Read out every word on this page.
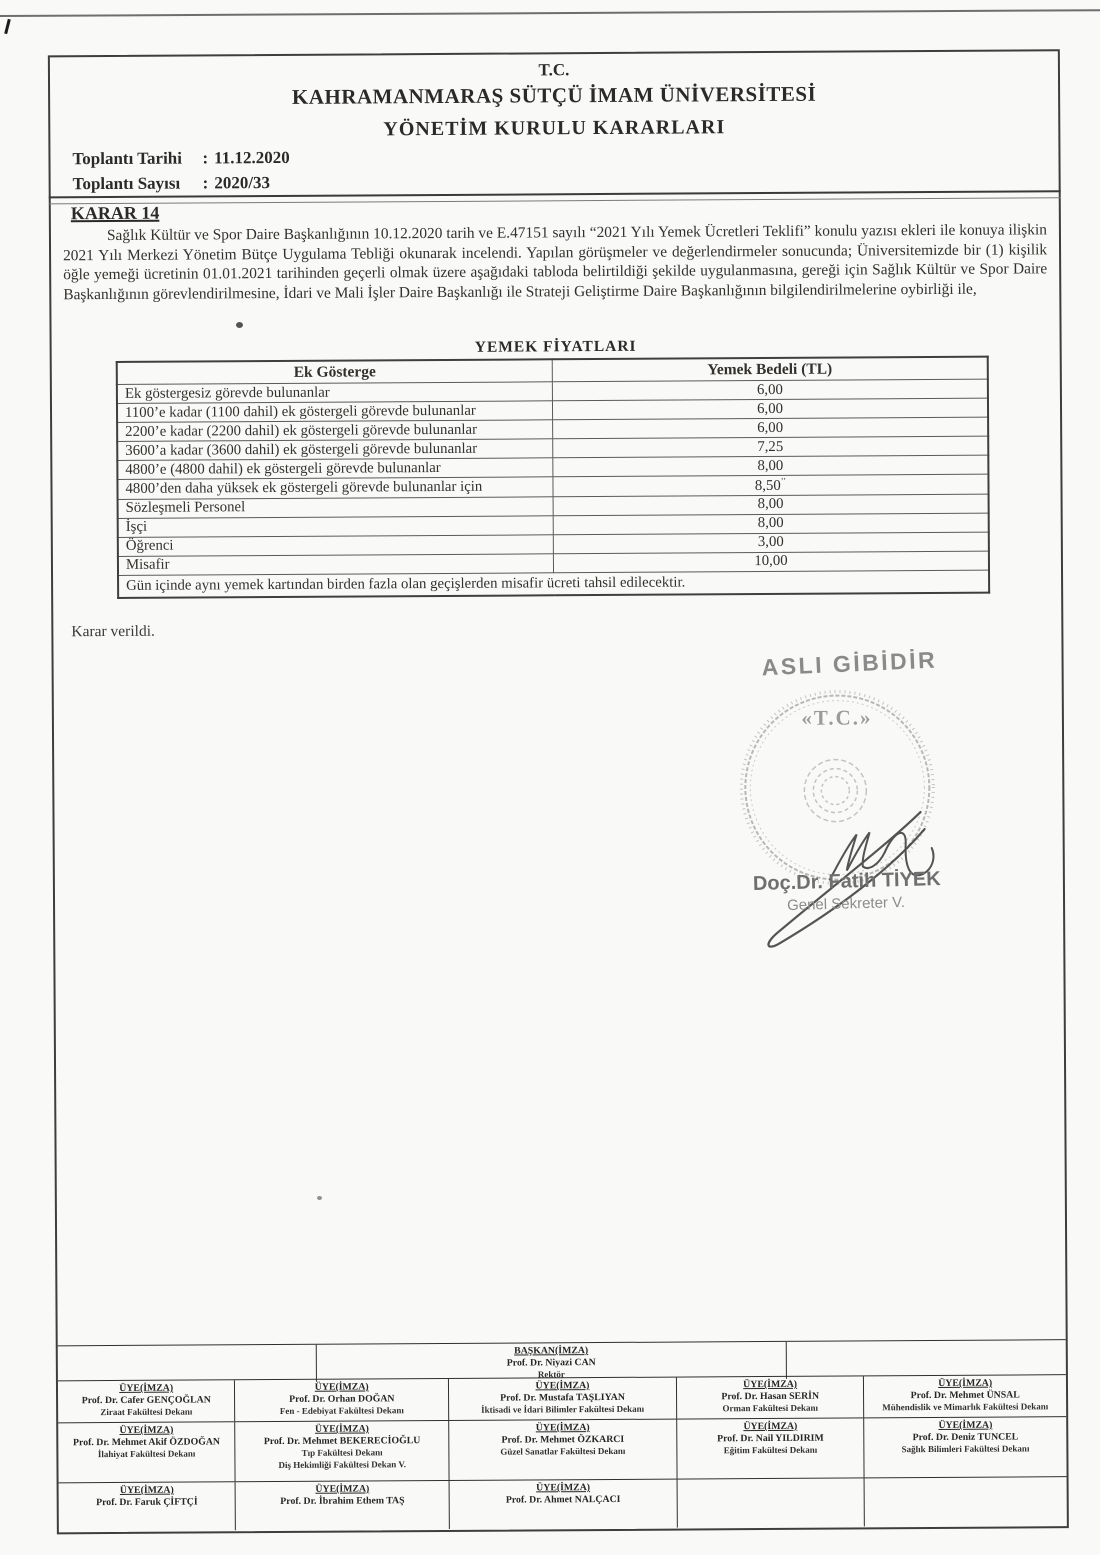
T.C.
KAHRAMANMARAŞ SÜTÇÜ İMAM ÜNİVERSİTESİ
YÖNETİM KURULU KARARLARI
Toplantı Tarihi : 11.12.2020
Toplantı Sayısı : 2020/33
KARAR 14

Sağlık Kültür ve Spor Daire Başkanlığının 10.12.2020 tarih ve E.47151 sayılı “2021 Yılı Yemek Ücretleri Teklifi” konulu yazısı ekleri ile konuya ilişkin 2021 Yılı Merkezi Yönetim Bütçe Uygulama Tebliği okunarak incelendi. Yapılan görüşmeler ve değerlendirmeler sonucunda; Üniversitemizde bir (1) kişilik öğle yemeği ücretinin 01.01.2021 tarihinden geçerli olmak üzere aşağıdaki tabloda belirtildiği şekilde uygulanmasına, gereği için Sağlık Kültür ve Spor Daire Başkanlığının görevlendirilmesine, İdari ve Mali İşler Daire Başkanlığı ile Strateji Geliştirme Daire Başkanlığının bilgilendirilmelerine oybirliği ile,

YEMEK FİYATLARI
Ek Gösterge	Yemek Bedeli (TL)
Ek göstergesiz görevde bulunanlar	6,00
1100’e kadar (1100 dahil) ek göstergeli görevde bulunanlar	6,00
2200’e kadar (2200 dahil) ek göstergeli görevde bulunanlar	6,00
3600’a kadar (3600 dahil) ek göstergeli görevde bulunanlar	7,25
4800’e (4800 dahil) ek göstergeli görevde bulunanlar	8,00
4800’den daha yüksek ek göstergeli görevde bulunanlar için	8,50’’
Sözleşmeli Personel	8,00
İşçi	8,00
Öğrenci	3,00
Misafir	10,00
Gün içinde aynı yemek kartından birden fazla olan geçişlerden misafir ücreti tahsil edilecektir.	
Karar verildi.
ASLI GİBİDİR
«T.C.»
Doç.Dr. Fatih TİYEK
Genel Sekreter V.
BAŞKAN(İMZA)
Prof. Dr. Niyazi CAN
Rektör
ÜYE(İMZA)
Prof. Dr. Cafer GENÇOĞLAN
Ziraat Fakültesi Dekanı
ÜYE(İMZA)
Prof. Dr. Orhan DOĞAN
Fen - Edebiyat Fakültesi Dekanı
ÜYE(İMZA)
Prof. Dr. Mustafa TAŞLIYAN
İktisadi ve İdari Bilimler Fakültesi Dekanı
ÜYE(İMZA)
Prof. Dr. Hasan SERİN
Orman Fakültesi Dekanı
ÜYE(İMZA)
Prof. Dr. Mehmet ÜNSAL
Mühendislik ve Mimarlık Fakültesi Dekanı
ÜYE(İMZA)
Prof. Dr. Mehmet Akif ÖZDOĞAN
İlahiyat Fakültesi Dekanı
ÜYE(İMZA)
Prof. Dr. Mehmet BEKERECİOĞLU
Tıp Fakültesi Dekanı
Diş Hekimliği Fakültesi Dekan V.
ÜYE(İMZA)
Prof. Dr. Mehmet ÖZKARCI
Güzel Sanatlar Fakültesi Dekanı
ÜYE(İMZA)
Prof. Dr. Nail YILDIRIM
Eğitim Fakültesi Dekanı
ÜYE(İMZA)
Prof. Dr. Deniz TUNCEL
Sağlık Bilimleri Fakültesi Dekanı
ÜYE(İMZA)
Prof. Dr. Faruk ÇİFTÇİ
ÜYE(İMZA)
Prof. Dr. İbrahim Ethem TAŞ
ÜYE(İMZA)
Prof. Dr. Ahmet NALÇACI
